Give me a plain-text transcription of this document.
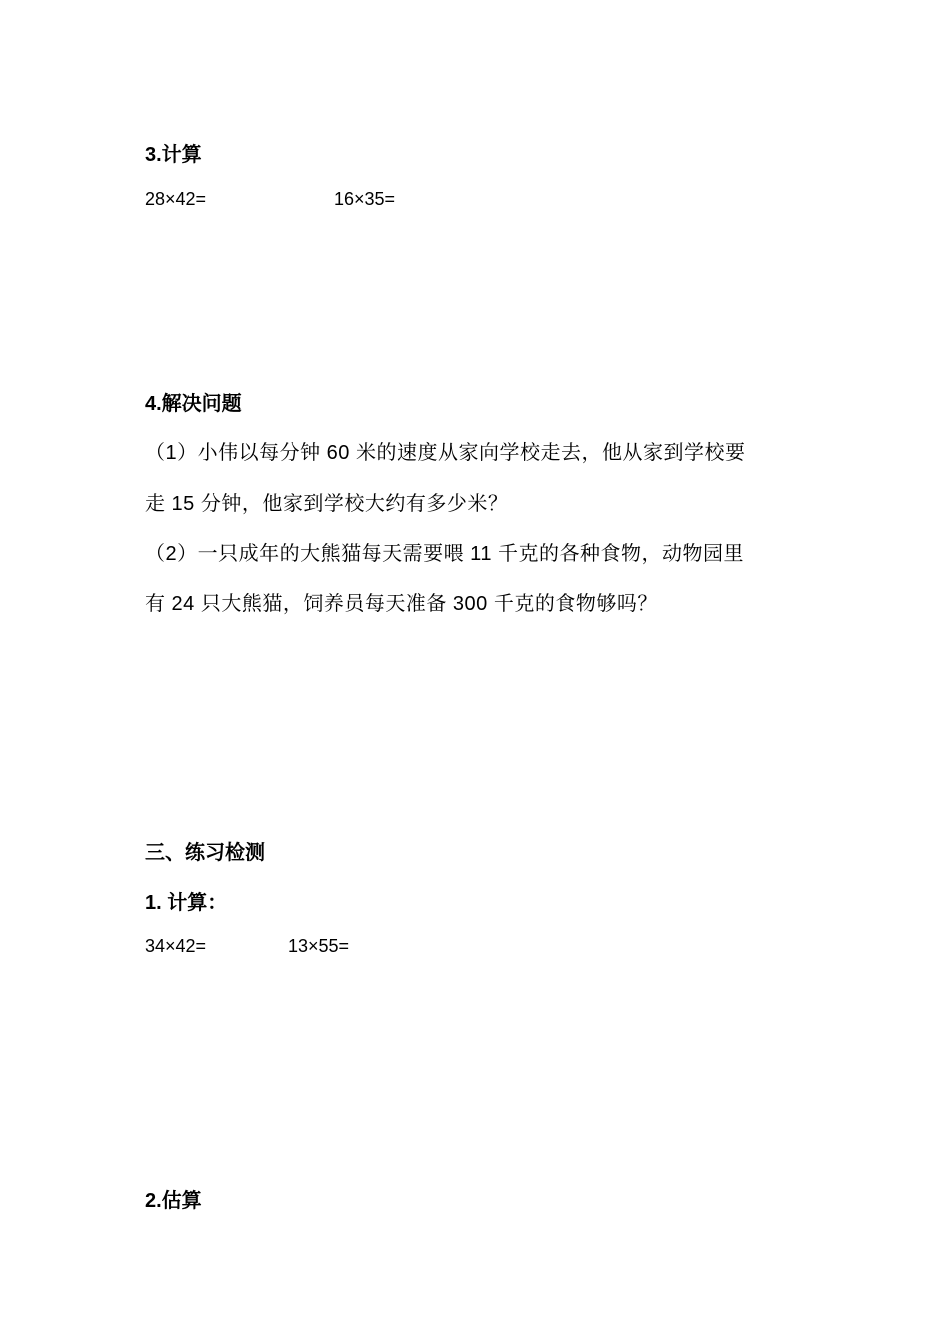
3.计算
28×42=	16×35=
4.解决问题
（1）小伟以每分钟 60 米的速度从家向学校走去，他从家到学校要
走 15 分钟，他家到学校大约有多少米？
（2）一只成年的大熊猫每天需要喂 11 千克的各种食物，动物园里
有 24 只大熊猫，饲养员每天准备 300 千克的食物够吗？
三、练习检测
1. 计算：
34×42=	13×55=
2.估算
